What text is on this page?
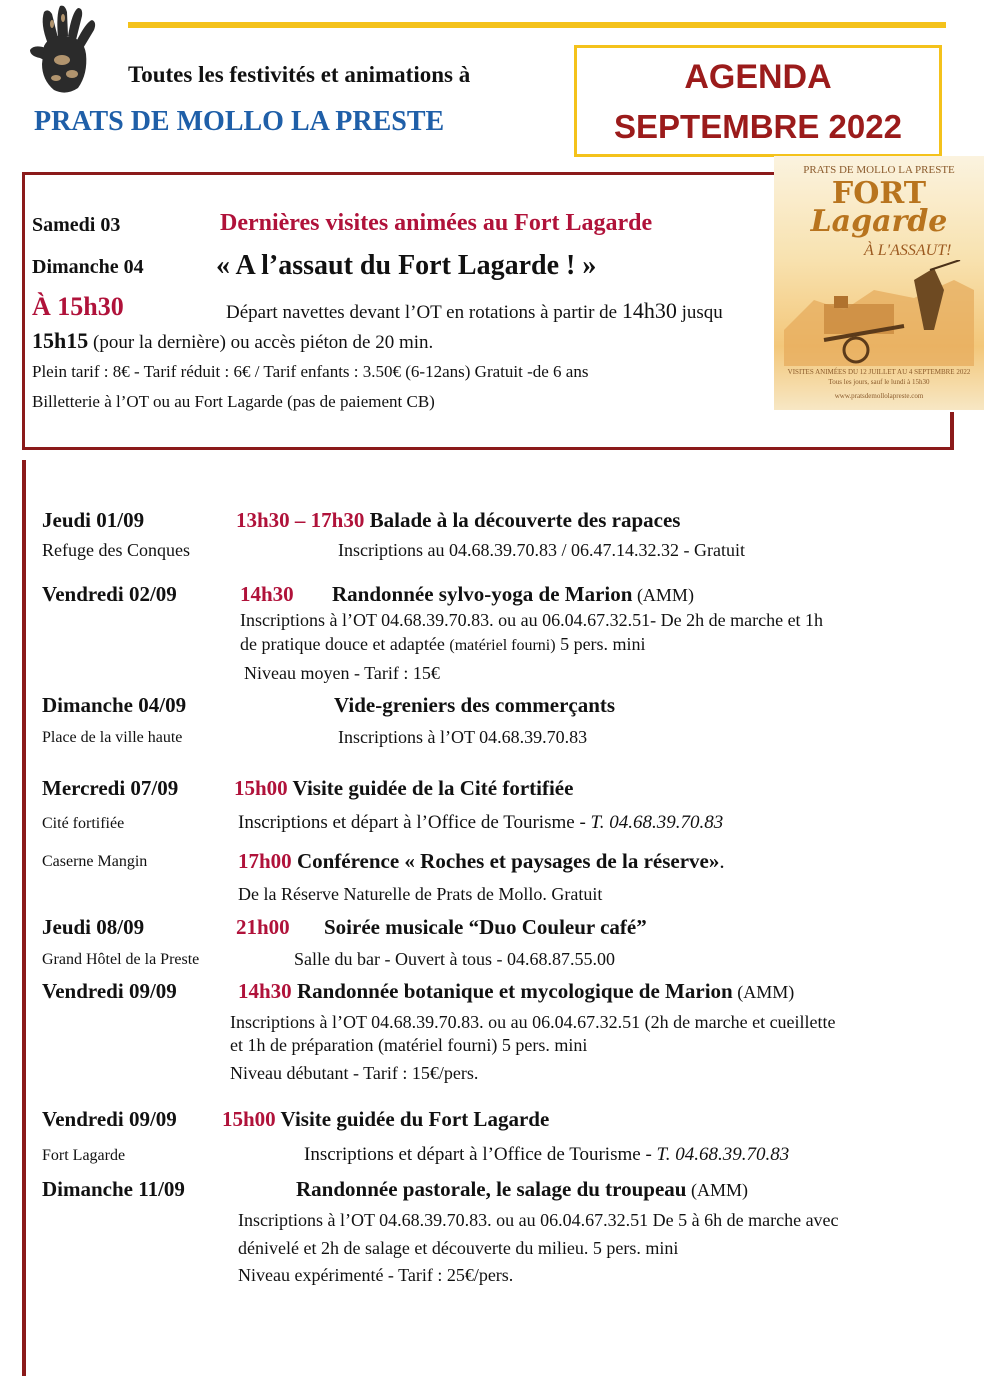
Toutes les festivités et animations à
PRATS DE MOLLO LA PRESTE
AGENDA
SEPTEMBRE 2022
Samedi 03	Dernières visites animées au Fort Lagarde
Dimanche 04	« A l’assaut du Fort Lagarde ! »
À 15h30	Départ navettes devant l’OT en rotations à partir de 14h30 jusqu
15h15 (pour la dernière) ou accès piéton de 20 min.
Plein tarif : 8€ - Tarif réduit : 6€ / Tarif enfants : 3.50€ (6-12ans) Gratuit -de 6 ans
Billetterie à l’OT ou au Fort Lagarde (pas de paiement CB)
PRATS DE MOLLO LA PRESTE
FORT
Lagarde
À L'ASSAUT!
VISITES ANIMÉES DU 12 JUILLET AU 4 SEPTEMBRE 2022
Tous les jours, sauf le lundi à 15h30
www.pratsdemollolapreste.com
Jeudi 01/09	13h30 – 17h30 Balade à la découverte des rapaces
Refuge des Conques	Inscriptions au 04.68.39.70.83 / 06.47.14.32.32 - Gratuit
Vendredi 02/09	14h30 Randonnée sylvo-yoga de Marion (AMM)
Inscriptions à l’OT 04.68.39.70.83. ou au 06.04.67.32.51- De 2h de marche et 1h
de pratique douce et adaptée (matériel fourni) 5 pers. mini
Niveau moyen - Tarif : 15€
Dimanche 04/09	Vide-greniers des commerçants
Place de la ville haute	Inscriptions à l’OT 04.68.39.70.83
Mercredi 07/09	15h00 Visite guidée de la Cité fortifiée
Cité fortifiée	Inscriptions et départ à l’Office de Tourisme - T. 04.68.39.70.83
Caserne Mangin	17h00 Conférence « Roches et paysages de la réserve».
De la Réserve Naturelle de Prats de Mollo. Gratuit
Jeudi 08/09	21h00 Soirée musicale “Duo Couleur café”
Grand Hôtel de la Preste	Salle du bar - Ouvert à tous - 04.68.87.55.00
Vendredi 09/09	14h30 Randonnée botanique et mycologique de Marion (AMM)
Inscriptions à l’OT 04.68.39.70.83. ou au 06.04.67.32.51 (2h de marche et cueillette
et 1h de préparation (matériel fourni) 5 pers. mini
Niveau débutant - Tarif : 15€/pers.
Vendredi 09/09 15h00 Visite guidée du Fort Lagarde
Fort Lagarde	Inscriptions et départ à l’Office de Tourisme - T. 04.68.39.70.83
Dimanche 11/09	Randonnée pastorale, le salage du troupeau (AMM)
Inscriptions à l’OT 04.68.39.70.83. ou au 06.04.67.32.51 De 5 à 6h de marche avec
dénivelé et 2h de salage et découverte du milieu. 5 pers. mini
Niveau expérimenté - Tarif : 25€/pers.
